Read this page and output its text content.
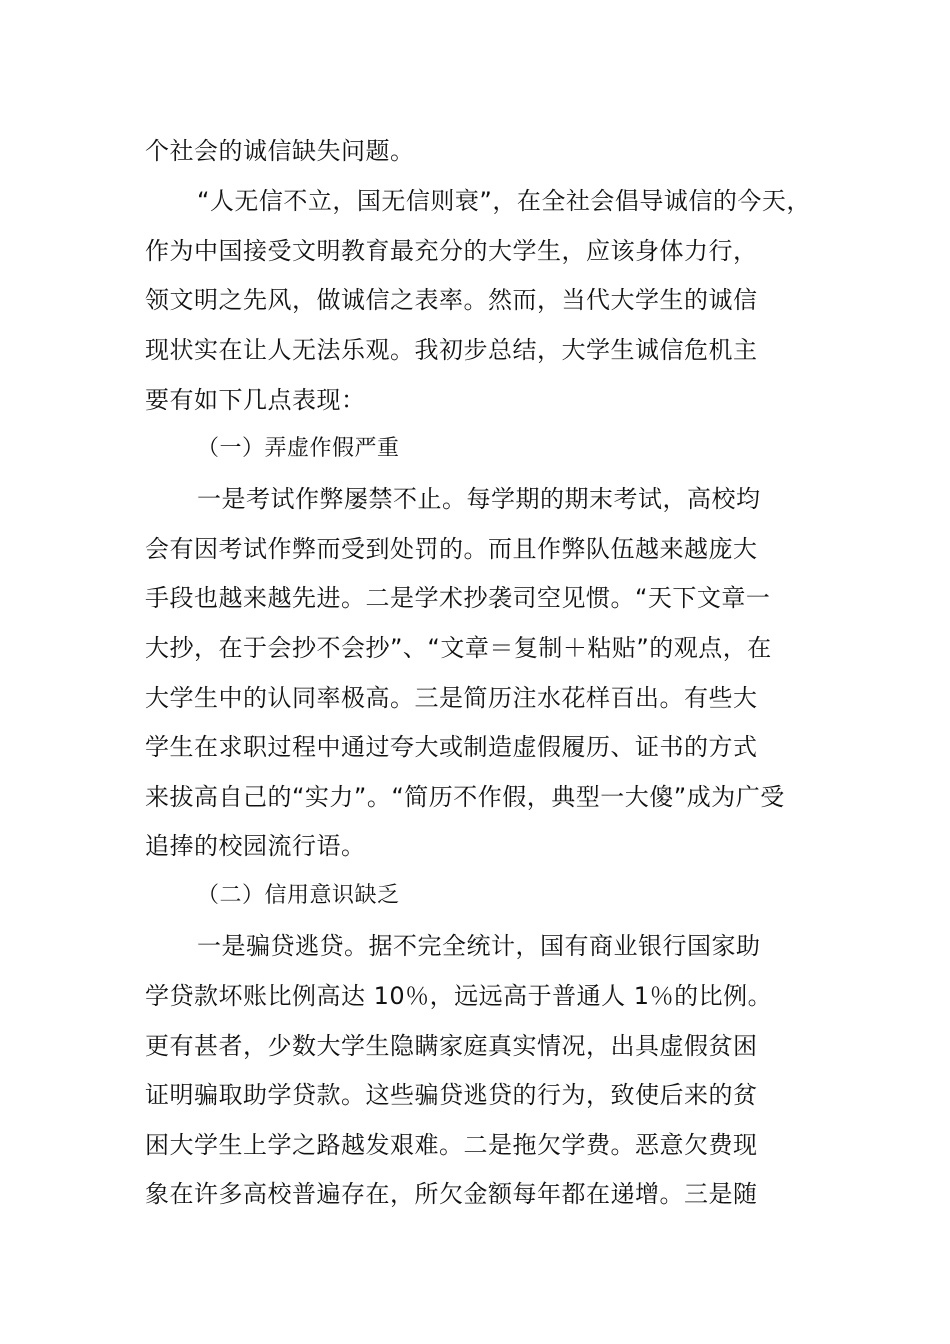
个社会的诚信缺失问题。
“人无信不立，国无信则衰”，在全社会倡导诚信的今天，
作为中国接受文明教育最充分的大学生，应该身体力行，
领文明之先风，做诚信之表率。然而，当代大学生的诚信
现状实在让人无法乐观。我初步总结，大学生诚信危机主
要有如下几点表现：
（一）弄虚作假严重
一是考试作弊屡禁不止。每学期的期末考试，高校均
会有因考试作弊而受到处罚的。而且作弊队伍越来越庞大
手段也越来越先进。二是学术抄袭司空见惯。“天下文章一
大抄，在于会抄不会抄”、“文章＝复制＋粘贴”的观点，在
大学生中的认同率极高。三是简历注水花样百出。有些大
学生在求职过程中通过夸大或制造虚假履历、证书的方式
来拔高自己的“实力”。“简历不作假，典型一大傻”成为广受
追捧的校园流行语。
（二）信用意识缺乏
一是骗贷逃贷。据不完全统计，国有商业银行国家助
学贷款坏账比例高达 10％，远远高于普通人 1％的比例。
更有甚者，少数大学生隐瞒家庭真实情况，出具虚假贫困
证明骗取助学贷款。这些骗贷逃贷的行为，致使后来的贫
困大学生上学之路越发艰难。二是拖欠学费。恶意欠费现
象在许多高校普遍存在，所欠金额每年都在递增。三是随
